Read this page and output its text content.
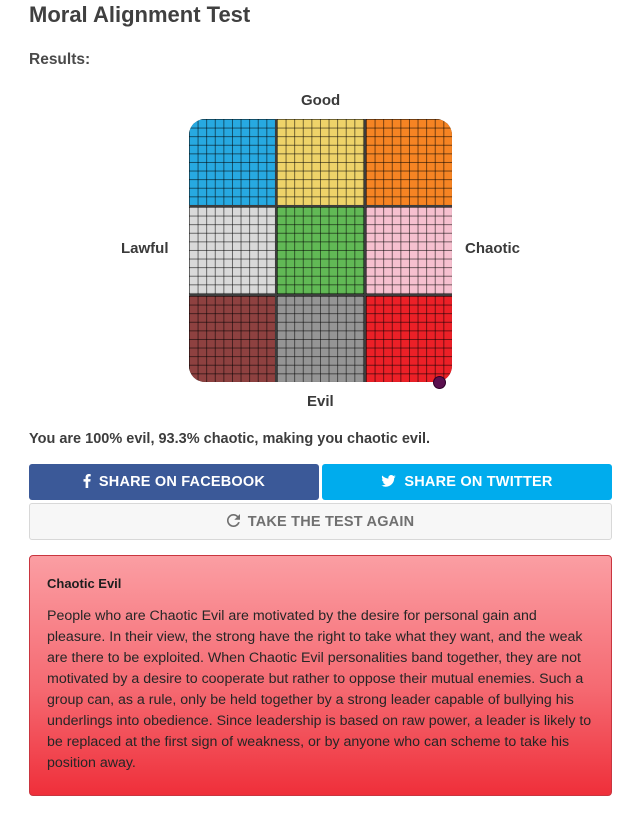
Moral Alignment Test
Results:
Good
Lawful	Chaotic
Evil
You are 100% evil, 93.3% chaotic, making you chaotic evil.
SHARE ON FACEBOOK	SHARE ON TWITTER
TAKE THE TEST AGAIN

Chaotic Evil

People who are Chaotic Evil are motivated by the desire for personal gain and pleasure. In their view, the strong have the right to take what they want, and the weak are there to be exploited. When Chaotic Evil personalities band together, they are not motivated by a desire to cooperate but rather to oppose their mutual enemies. Such a group can, as a rule, only be held together by a strong leader capable of bullying his underlings into obedience. Since leadership is based on raw power, a leader is likely to be replaced at the first sign of weakness, or by anyone who can scheme to take his position away.
